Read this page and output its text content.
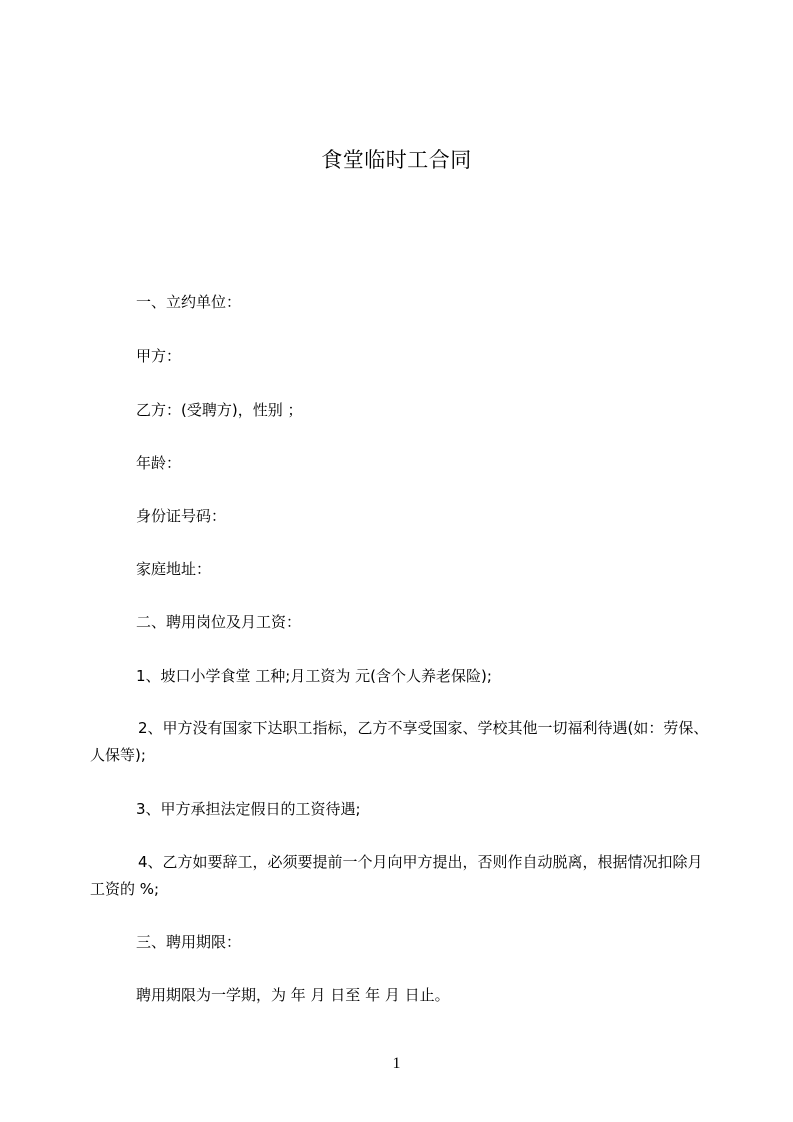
食堂临时工合同
一、立约单位：
甲方：
乙方：(受聘方)，性别 ；
年龄：
身份证号码：
家庭地址：
二、聘用岗位及月工资：
1、坡口小学食堂 工种;月工资为 元(含个人养老保险);
2、甲方没有国家下达职工指标，乙方不享受国家、学校其他一切福利待遇(如：劳保、人保等);
3、甲方承担法定假日的工资待遇;
4、乙方如要辞工，必须要提前一个月向甲方提出，否则作自动脱离，根据情况扣除月工资的 %;
三、聘用期限：
聘用期限为一学期，为 年 月 日至 年 月 日止。
1
